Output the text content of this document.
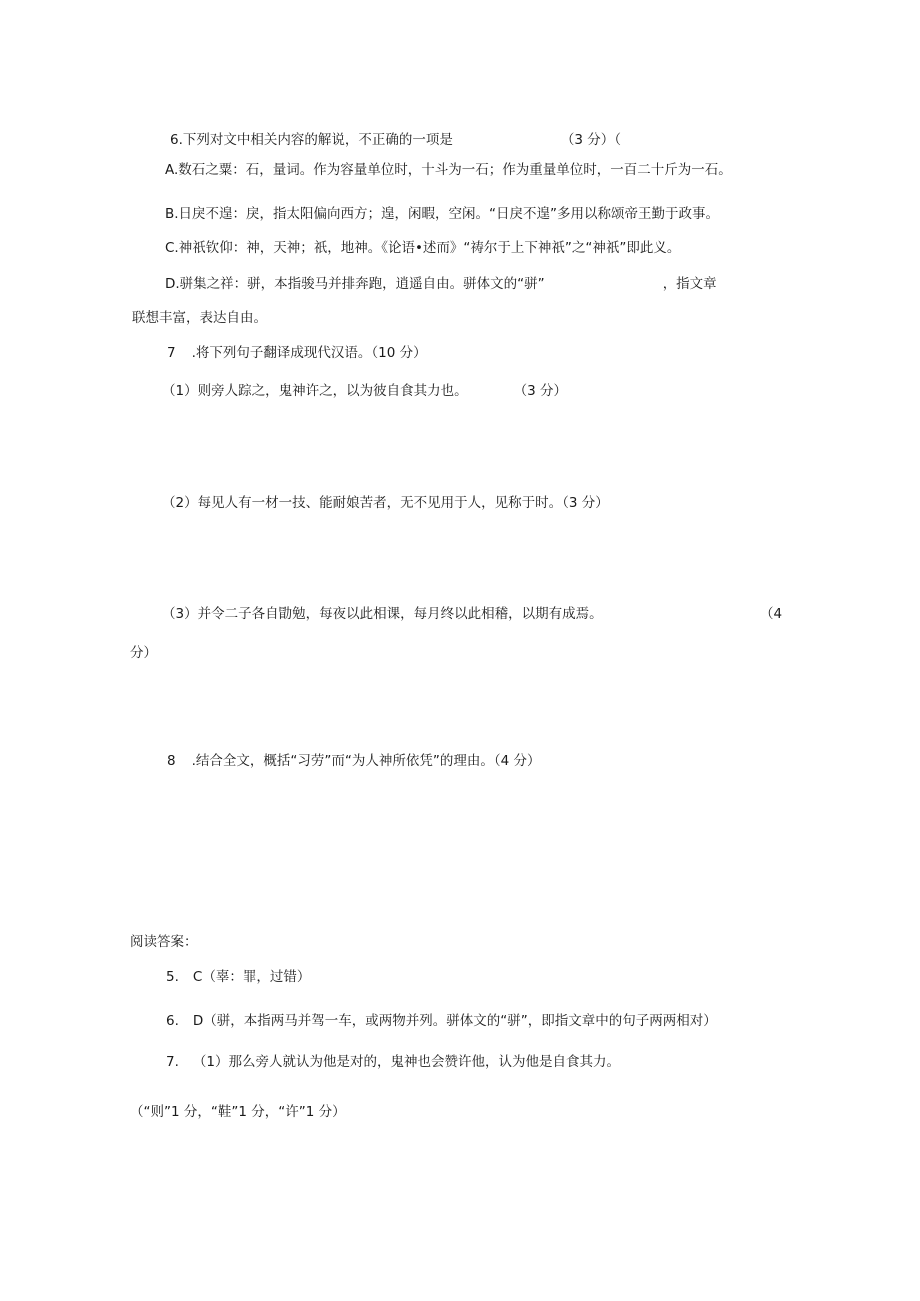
6.下列对文中相关内容的解说，不正确的一项是	（3 分）（
A.数石之粟：石，量词。作为容量单位时，十斗为一石；作为重量单位时，一百二十斤为一石。
B.日戾不遑：戾，指太阳偏向西方；遑，闲暇，空闲。“日戾不遑”多用以称颂帝王勤于政事。
C.神祇钦仰：神，天神；祇，地神。《论语•述而》“祷尔于上下神祇”之“神祇”即此义。
D.骈集之祥：骈，本指骏马并排奔跑，逍遥自由。骈体文的“骈”	，指文章
联想丰富，表达自由。
7 .将下列句子翻译成现代汉语。（10 分）
（1）则旁人踪之，鬼神许之，以为彼自食其力也。	（3 分）
（2）每见人有一材一技、能耐娘苦者，无不见用于人，见称于时。（3 分）
（3）并令二子各自勖勉，每夜以此相课，每月终以此相稽，以期有成焉。	（4
分）
8 .结合全文，概括“习劳”而“为人神所依凭”的理由。（4 分）
阅读答案：
5. C（辜：罪，过错）
6. D（骈，本指两马并驾一车，或两物并列。骈体文的“骈”，即指文章中的句子两两相对）
7. （1）那么旁人就认为他是对的，鬼神也会赞许他，认为他是自食其力。
（“则”1 分，“鞋”1 分，“许”1 分）
